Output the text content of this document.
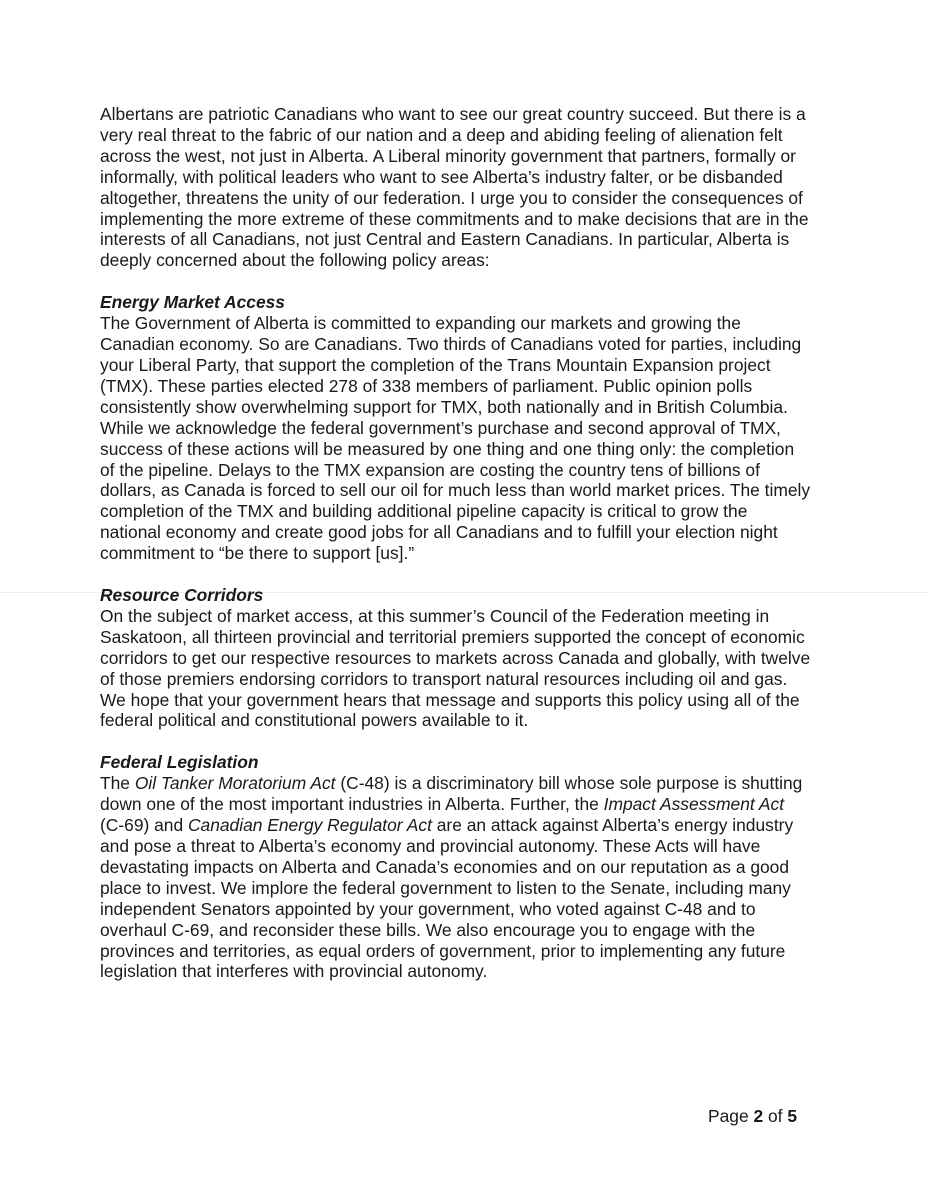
Albertans are patriotic Canadians who want to see our great country succeed. But there is a very real threat to the fabric of our nation and a deep and abiding feeling of alienation felt across the west, not just in Alberta. A Liberal minority government that partners, formally or informally, with political leaders who want to see Alberta’s industry falter, or be disbanded altogether, threatens the unity of our federation. I urge you to consider the consequences of implementing the more extreme of these commitments and to make decisions that are in the interests of all Canadians, not just Central and Eastern Canadians. In particular, Alberta is deeply concerned about the following policy areas:

Energy Market Access

The Government of Alberta is committed to expanding our markets and growing the Canadian economy. So are Canadians. Two thirds of Canadians voted for parties, including your Liberal Party, that support the completion of the Trans Mountain Expansion project (TMX). These parties elected 278 of 338 members of parliament. Public opinion polls consistently show overwhelming support for TMX, both nationally and in British Columbia. While we acknowledge the federal government’s purchase and second approval of TMX, success of these actions will be measured by one thing and one thing only: the completion of the pipeline. Delays to the TMX expansion are costing the country tens of billions of dollars, as Canada is forced to sell our oil for much less than world market prices. The timely completion of the TMX and building additional pipeline capacity is critical to grow the national economy and create good jobs for all Canadians and to fulfill your election night commitment to “be there to support [us].”

Resource Corridors

On the subject of market access, at this summer’s Council of the Federation meeting in Saskatoon, all thirteen provincial and territorial premiers supported the concept of economic corridors to get our respective resources to markets across Canada and globally, with twelve of those premiers endorsing corridors to transport natural resources including oil and gas. We hope that your government hears that message and supports this policy using all of the federal political and constitutional powers available to it.

Federal Legislation

The Oil Tanker Moratorium Act (C-48) is a discriminatory bill whose sole purpose is shutting down one of the most important industries in Alberta. Further, the Impact Assessment Act (C-69) and Canadian Energy Regulator Act are an attack against Alberta’s energy industry and pose a threat to Alberta’s economy and provincial autonomy. These Acts will have devastating impacts on Alberta and Canada’s economies and on our reputation as a good place to invest. We implore the federal government to listen to the Senate, including many independent Senators appointed by your government, who voted against C-48 and to overhaul C-69, and reconsider these bills. We also encourage you to engage with the provinces and territories, as equal orders of government, prior to implementing any future legislation that interferes with provincial autonomy.

Page 2 of 5
